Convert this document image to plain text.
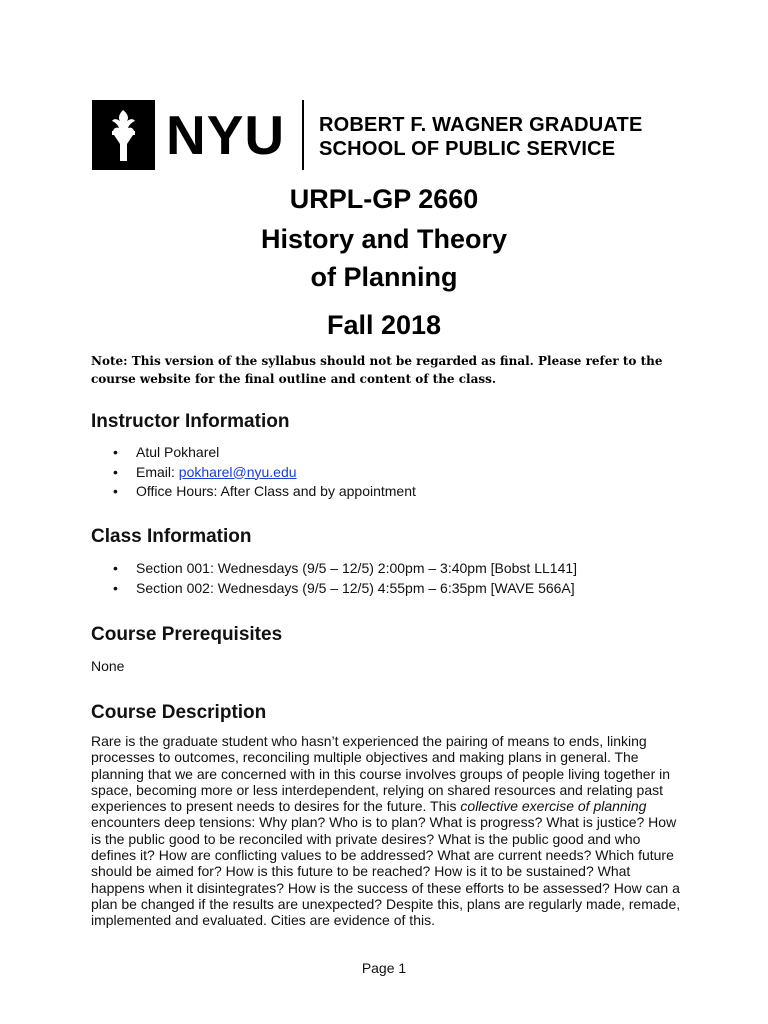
NYU ROBERT F. WAGNER GRADUATE
SCHOOL OF PUBLIC SERVICE
URPL-GP 2660
History and Theory
of Planning
Fall 2018
Note: This version of the syllabus should not be regarded as final. Please refer to the course website for the final outline and content of the class.
Instructor Information
• Atul Pokharel
• Email: pokharel@nyu.edu
• Office Hours: After Class and by appointment
Class Information
• Section 001: Wednesdays (9/5 – 12/5) 2:00pm – 3:40pm [Bobst LL141]
• Section 002: Wednesdays (9/5 – 12/5) 4:55pm – 6:35pm [WAVE 566A]
Course Prerequisites
None
Course Description
Rare is the graduate student who hasn’t experienced the pairing of means to ends, linking processes to outcomes, reconciling multiple objectives and making plans in general. The planning that we are concerned with in this course involves groups of people living together in space, becoming more or less interdependent, relying on shared resources and relating past experiences to present needs to desires for the future. This collective exercise of planning encounters deep tensions: Why plan? Who is to plan? What is progress? What is justice? How is the public good to be reconciled with private desires? What is the public good and who defines it? How are conflicting values to be addressed? What are current needs? Which future should be aimed for? How is this future to be reached? How is it to be sustained? What happens when it disintegrates? How is the success of these efforts to be assessed? How can a plan be changed if the results are unexpected? Despite this, plans are regularly made, remade, implemented and evaluated. Cities are evidence of this.
Page 1
